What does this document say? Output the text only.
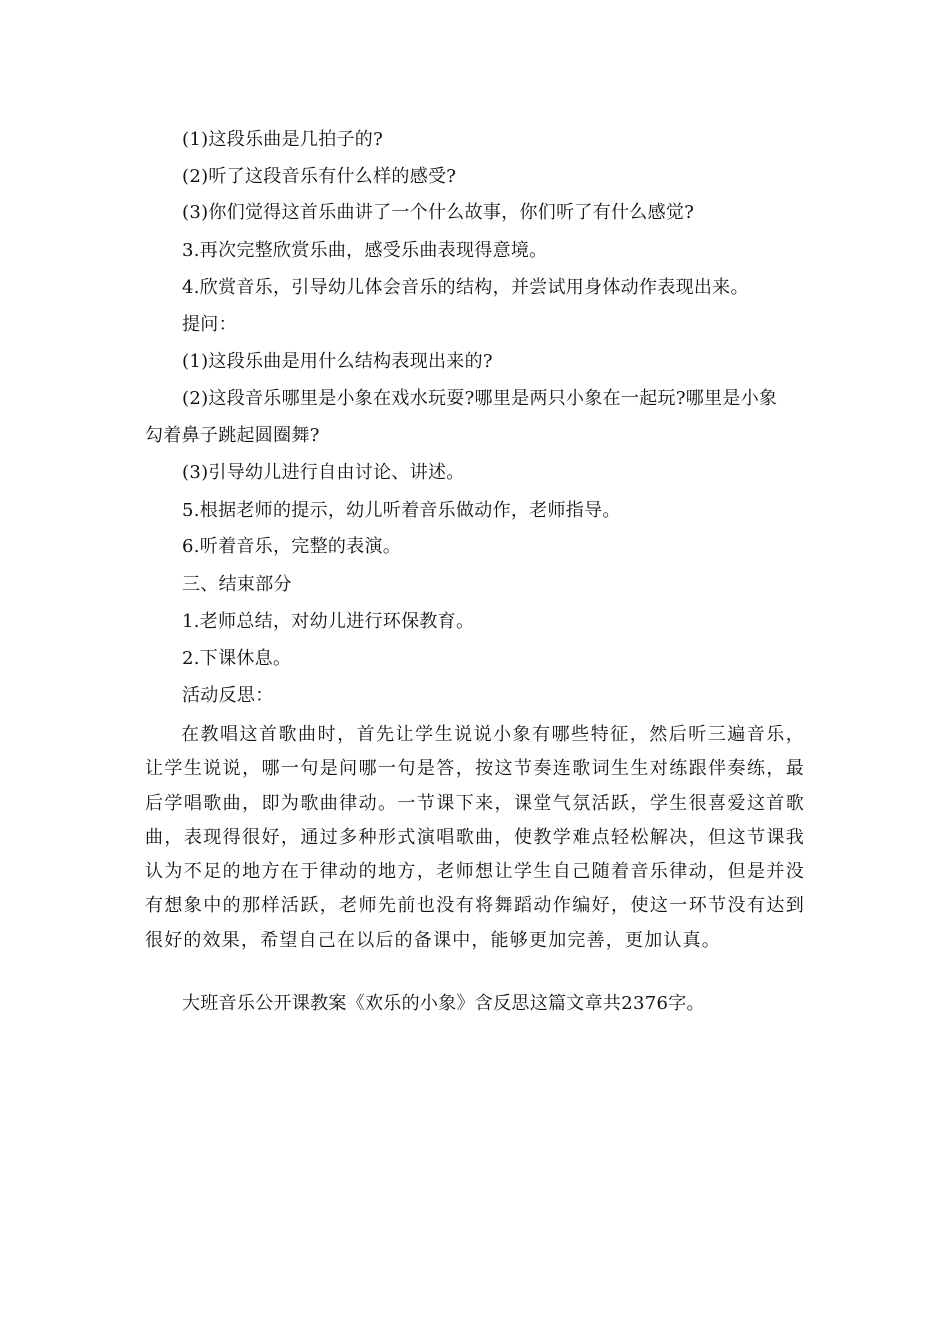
(1)这段乐曲是几拍子的?
(2)听了这段音乐有什么样的感受?
(3)你们觉得这首乐曲讲了一个什么故事，你们听了有什么感觉?
3.再次完整欣赏乐曲，感受乐曲表现得意境。
4.欣赏音乐，引导幼儿体会音乐的结构，并尝试用身体动作表现出来。
提问：
(1)这段乐曲是用什么结构表现出来的?
(2)这段音乐哪里是小象在戏水玩耍?哪里是两只小象在一起玩?哪里是小象
勾着鼻子跳起圆圈舞?
(3)引导幼儿进行自由讨论、讲述。
5.根据老师的提示，幼儿听着音乐做动作，老师指导。
6.听着音乐，完整的表演。
三、结束部分
1.老师总结，对幼儿进行环保教育。
2.下课休息。
活动反思：
在教唱这首歌曲时，首先让学生说说小象有哪些特征，然后听三遍音乐，让学生说说，哪一句是问哪一句是答，按这节奏连歌词生生对练跟伴奏练，最后学唱歌曲，即为歌曲律动。一节课下来，课堂气氛活跃，学生很喜爱这首歌曲，表现得很好，通过多种形式演唱歌曲，使教学难点轻松解决，但这节课我认为不足的地方在于律动的地方，老师想让学生自己随着音乐律动，但是并没有想象中的那样活跃，老师先前也没有将舞蹈动作编好，使这一环节没有达到很好的效果，希望自己在以后的备课中，能够更加完善，更加认真。
大班音乐公开课教案《欢乐的小象》含反思这篇文章共2376字。
